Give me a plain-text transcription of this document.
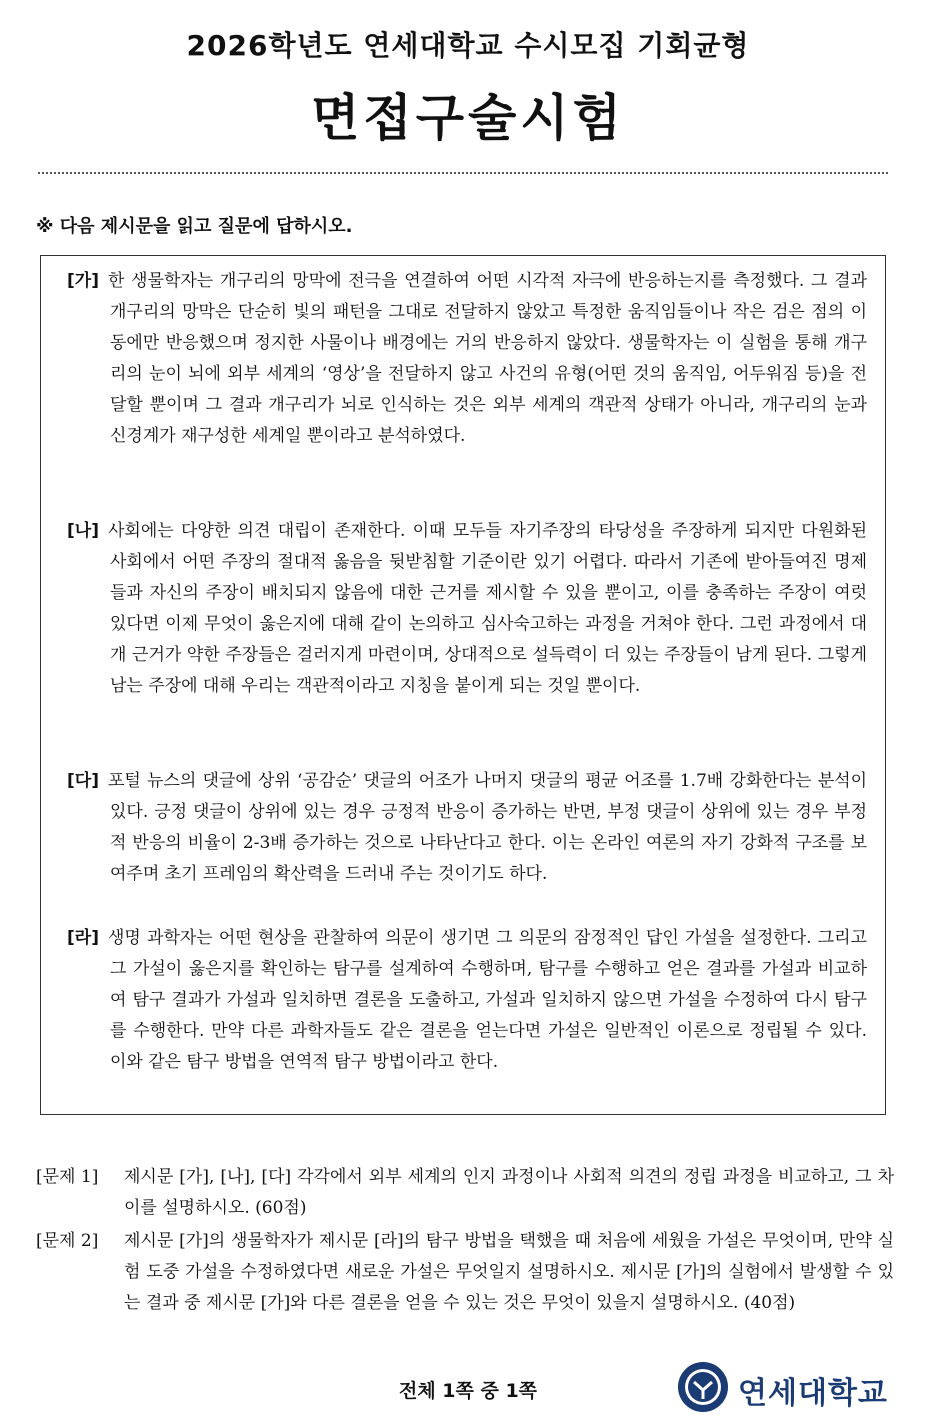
2026학년도 연세대학교 수시모집 기회균형
면접구술시험
※ 다음 제시문을 읽고 질문에 답하시오.
[가] 한 생물학자는 개구리의 망막에 전극을 연결하여 어떤 시각적 자극에 반응하는지를 측정했다. 그 결과 개구리의 망막은 단순히 빛의 패턴을 그대로 전달하지 않았고 특정한 움직임들이나 작은 검은 점의 이동에만 반응했으며 정지한 사물이나 배경에는 거의 반응하지 않았다. 생물학자는 이 실험을 통해 개구리의 눈이 뇌에 외부 세계의 ‘영상’을 전달하지 않고 사건의 유형(어떤 것의 움직임, 어두워짐 등)을 전달할 뿐이며 그 결과 개구리가 뇌로 인식하는 것은 외부 세계의 객관적 상태가 아니라, 개구리의 눈과 신경계가 재구성한 세계일 뿐이라고 분석하였다.
[나] 사회에는 다양한 의견 대립이 존재한다. 이때 모두들 자기주장의 타당성을 주장하게 되지만 다원화된 사회에서 어떤 주장의 절대적 옳음을 뒷받침할 기준이란 있기 어렵다. 따라서 기존에 받아들여진 명제들과 자신의 주장이 배치되지 않음에 대한 근거를 제시할 수 있을 뿐이고, 이를 충족하는 주장이 여럿 있다면 이제 무엇이 옳은지에 대해 같이 논의하고 심사숙고하는 과정을 거쳐야 한다. 그런 과정에서 대개 근거가 약한 주장들은 걸러지게 마련이며, 상대적으로 설득력이 더 있는 주장들이 남게 된다. 그렇게 남는 주장에 대해 우리는 객관적이라고 지칭을 붙이게 되는 것일 뿐이다.
[다] 포털 뉴스의 댓글에 상위 ‘공감순’ 댓글의 어조가 나머지 댓글의 평균 어조를 1.7배 강화한다는 분석이 있다. 긍정 댓글이 상위에 있는 경우 긍정적 반응이 증가하는 반면, 부정 댓글이 상위에 있는 경우 부정적 반응의 비율이 2-3배 증가하는 것으로 나타난다고 한다. 이는 온라인 여론의 자기 강화적 구조를 보여주며 초기 프레임의 확산력을 드러내 주는 것이기도 하다.
[라] 생명 과학자는 어떤 현상을 관찰하여 의문이 생기면 그 의문의 잠정적인 답인 가설을 설정한다. 그리고 그 가설이 옳은지를 확인하는 탐구를 설계하여 수행하며, 탐구를 수행하고 얻은 결과를 가설과 비교하여 탐구 결과가 가설과 일치하면 결론을 도출하고, 가설과 일치하지 않으면 가설을 수정하여 다시 탐구를 수행한다. 만약 다른 과학자들도 같은 결론을 얻는다면 가설은 일반적인 이론으로 정립될 수 있다. 이와 같은 탐구 방법을 연역적 탐구 방법이라고 한다.
[문제 1]	제시문 [가], [나], [다] 각각에서 외부 세계의 인지 과정이나 사회적 의견의 정립 과정을 비교하고, 그 차이를 설명하시오. (60점)
[문제 2]	제시문 [가]의 생물학자가 제시문 [라]의 탐구 방법을 택했을 때 처음에 세웠을 가설은 무엇이며, 만약 실험 도중 가설을 수정하였다면 새로운 가설은 무엇일지 설명하시오. 제시문 [가]의 실험에서 발생할 수 있는 결과 중 제시문 [가]와 다른 결론을 얻을 수 있는 것은 무엇이 있을지 설명하시오. (40점)
전체 1쪽 중 1쪽	연세대학교
